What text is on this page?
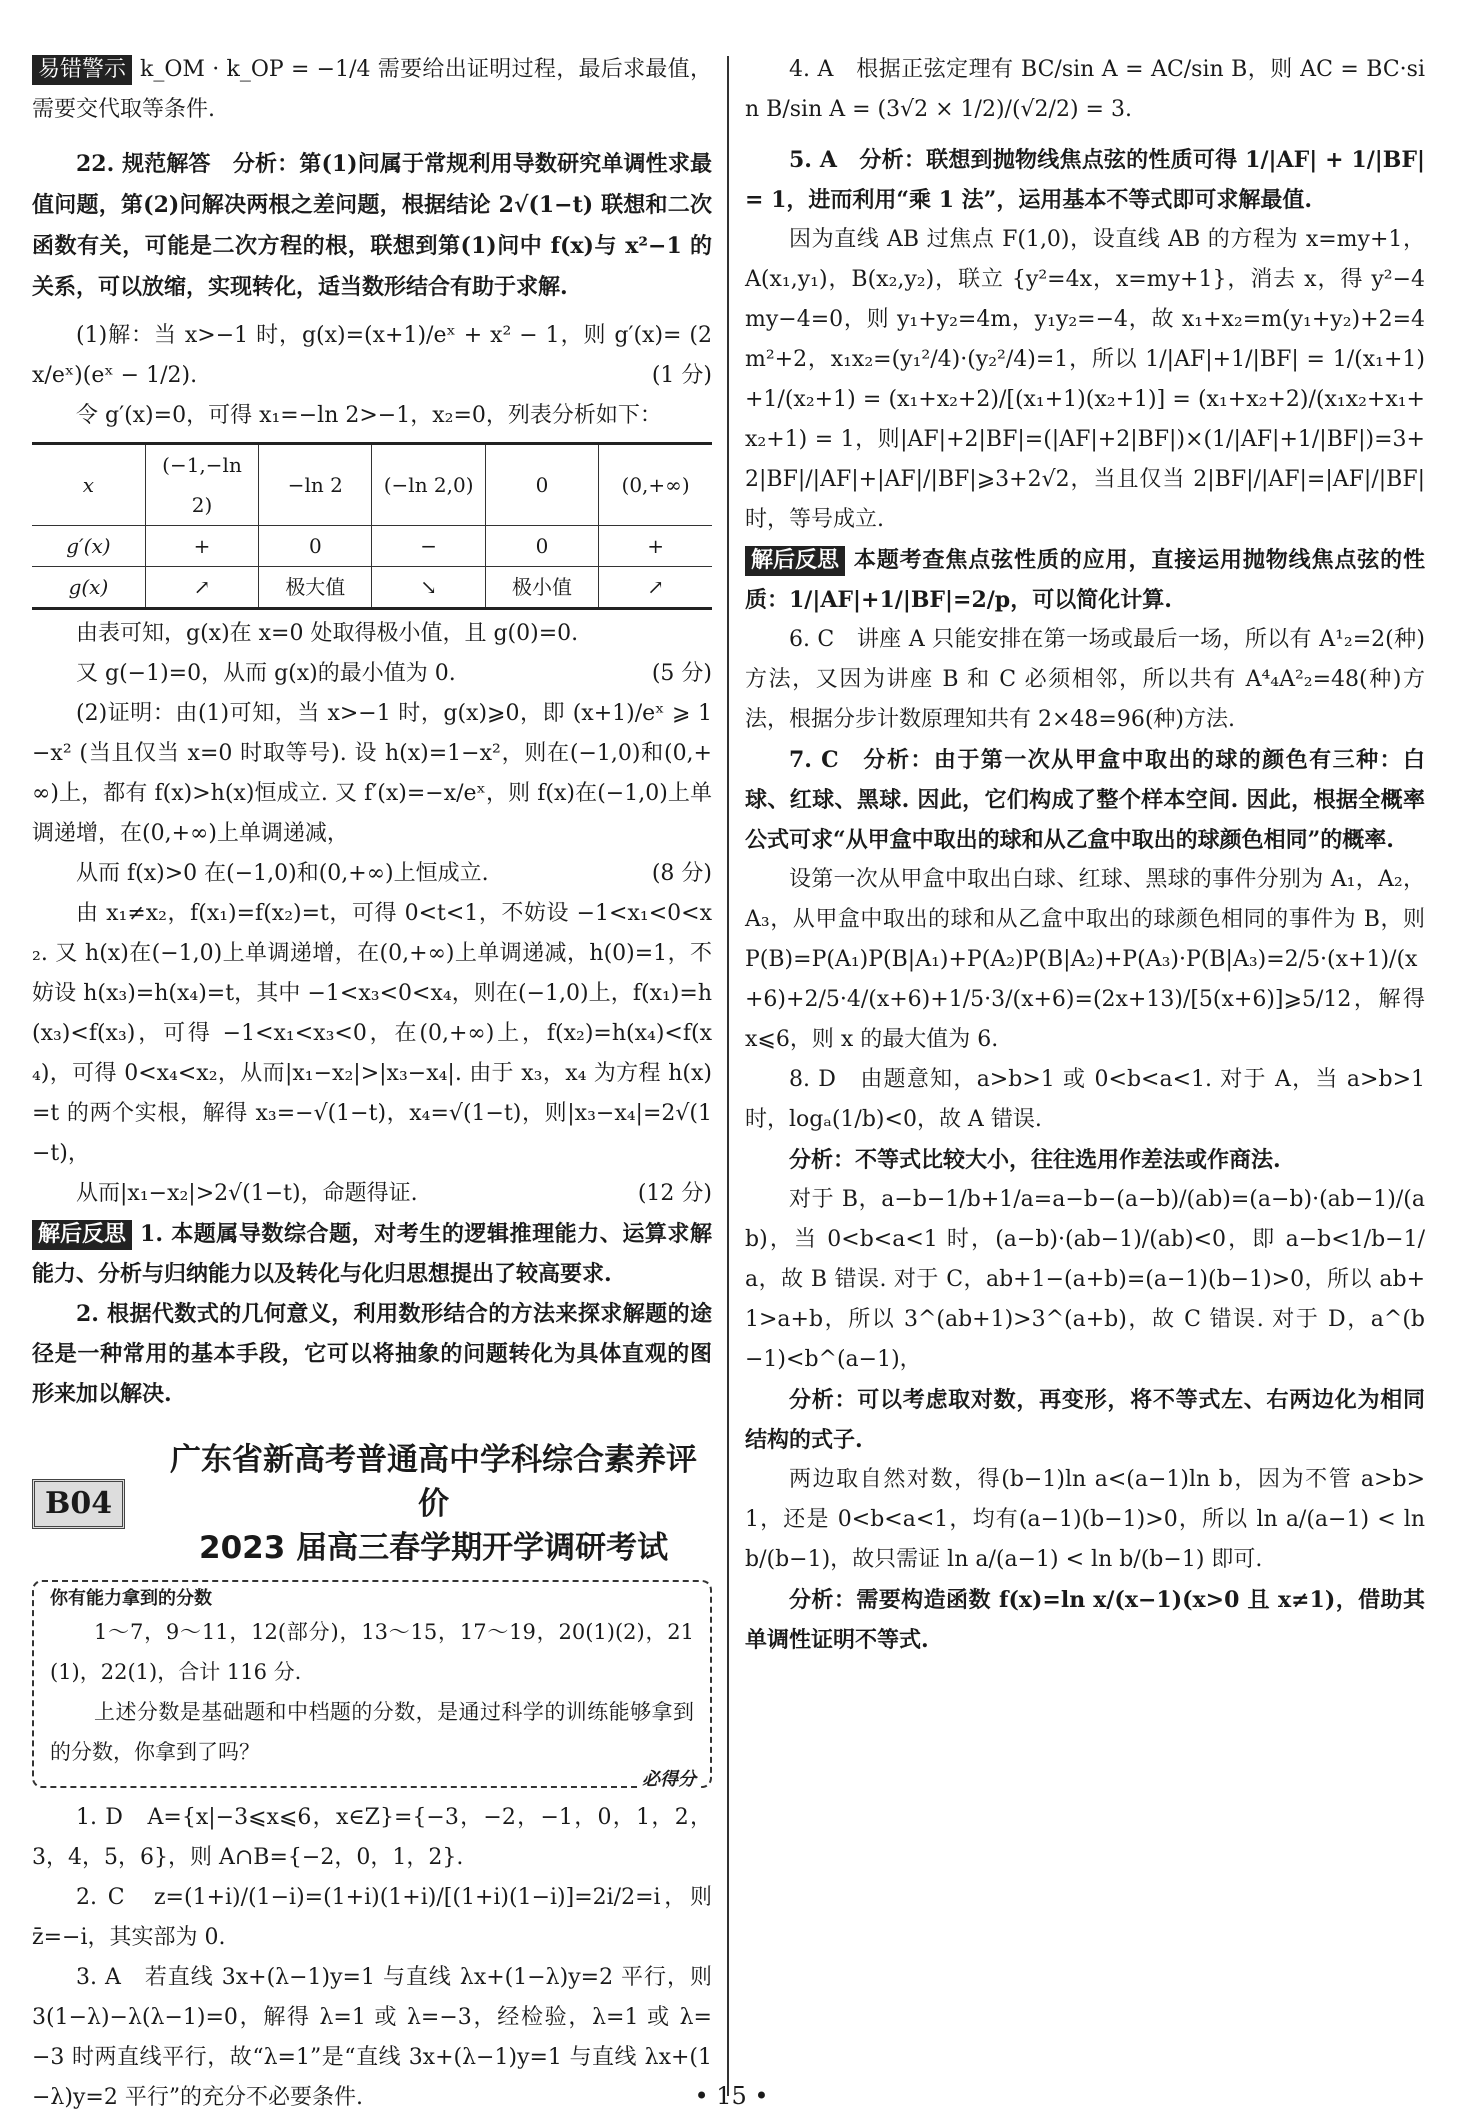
易错警示 k_OM · k_OP = −1/4 需要给出证明过程，最后求最值，需要交代取等条件.

22. 规范解答　 分析：第(1)问属于常规利用导数研究单调性求最值问题，第(2)问解决两根之差问题，根据结论 2√(1−t) 联想和二次函数有关，可能是二次方程的根，联想到第(1)问中 f(x)与 x²−1 的关系，可以放缩，实现转化，适当数形结合有助于求解.

(1)解：当 x>−1 时，g(x)=(x+1)/eˣ + x² − 1，则 g′(x)= (2x/eˣ)(eˣ − 1/2).	(1 分)

令 g′(x)=0，可得 x₁=−ln 2>−1，x₂=0，列表分析如下：

x	(−1,−ln 2)	−ln 2	(−ln 2,0)	0	(0,+∞)
g′(x)	+	0	−	0	+
g(x)	↗	极大值	↘	极小值	↗

由表可知，g(x)在 x=0 处取得极小值，且 g(0)=0.

又 g(−1)=0，从而 g(x)的最小值为 0.	(5 分)

(2)证明：由(1)可知，当 x>−1 时，g(x)⩾0，即 (x+1)/eˣ ⩾ 1−x² (当且仅当 x=0 时取等号). 设 h(x)=1−x²，则在(−1,0)和(0,+∞)上，都有 f(x)>h(x)恒成立. 又 f′(x)=−x/eˣ，则 f(x)在(−1,0)上单调递增，在(0,+∞)上单调递减，

从而 f(x)>0 在(−1,0)和(0,+∞)上恒成立.	(8 分)

由 x₁≠x₂，f(x₁)=f(x₂)=t，可得 0<t<1，不妨设 −1<x₁<0<x₂. 又 h(x)在(−1,0)上单调递增，在(0,+∞)上单调递减，h(0)=1，不妨设 h(x₃)=h(x₄)=t，其中 −1<x₃<0<x₄，则在(−1,0)上，f(x₁)=h(x₃)<f(x₃)，可得 −1<x₁<x₃<0，在(0,+∞)上，f(x₂)=h(x₄)<f(x₄)，可得 0<x₄<x₂，从而|x₁−x₂|>|x₃−x₄|. 由于 x₃，x₄ 为方程 h(x)=t 的两个实根，解得 x₃=−√(1−t)，x₄=√(1−t)，则|x₃−x₄|=2√(1−t)，

从而|x₁−x₂|>2√(1−t)，命题得证.	(12 分)

解后反思 1. 本题属导数综合题，对考生的逻辑推理能力、运算求解能力、分析与归纳能力以及转化与化归思想提出了较高要求.

2. 根据代数式的几何意义，利用数形结合的方法来探求解题的途径是一种常用的基本手段，它可以将抽象的问题转化为具体直观的图形来加以解决.

B04
广东省新高考普通高中学科综合素养评价
2023 届高三春学期开学调研考试
你有能力拿到的分数

1～7，9～11，12(部分)，13～15，17～19，20(1)(2)，21(1)，22(1)，合计 116 分.

上述分数是基础题和中档题的分数，是通过科学的训练能够拿到的分数，你拿到了吗？

必得分

1. D　A={x|−3⩽x⩽6，x∈Z}={−3，−2，−1，0，1，2，3，4，5，6}，则 A∩B={−2，0，1，2}.

2. C　z=(1+i)/(1−i)=(1+i)(1+i)/[(1+i)(1−i)]=2i/2=i，则 z̄=−i，其实部为 0.

3. A　若直线 3x+(λ−1)y=1 与直线 λx+(1−λ)y=2 平行，则 3(1−λ)−λ(λ−1)=0，解得 λ=1 或 λ=−3，经检验，λ=1 或 λ=−3 时两直线平行，故“λ=1”是“直线 3x+(λ−1)y=1 与直线 λx+(1−λ)y=2 平行”的充分不必要条件.

4. A　根据正弦定理有 BC/sin A = AC/sin B，则 AC = BC·sin B/sin A = (3√2 × 1/2)/(√2/2) = 3.

5. A　 分析：联想到抛物线焦点弦的性质可得 1/|AF| + 1/|BF| = 1，进而利用“乘 1 法”，运用基本不等式即可求解最值.

因为直线 AB 过焦点 F(1,0)，设直线 AB 的方程为 x=my+1，A(x₁,y₁)，B(x₂,y₂)，联立 {y²=4x，x=my+1}，消去 x，得 y²−4my−4=0，则 y₁+y₂=4m，y₁y₂=−4，故 x₁+x₂=m(y₁+y₂)+2=4m²+2，x₁x₂=(y₁²/4)·(y₂²/4)=1，所以 1/|AF|+1/|BF| = 1/(x₁+1)+1/(x₂+1) = (x₁+x₂+2)/[(x₁+1)(x₂+1)] = (x₁+x₂+2)/(x₁x₂+x₁+x₂+1) = 1，则|AF|+2|BF|=(|AF|+2|BF|)×(1/|AF|+1/|BF|)=3+2|BF|/|AF|+|AF|/|BF|⩾3+2√2，当且仅当 2|BF|/|AF|=|AF|/|BF| 时，等号成立.

解后反思 本题考查焦点弦性质的应用，直接运用抛物线焦点弦的性质：1/|AF|+1/|BF|=2/p，可以简化计算.

6. C　讲座 A 只能安排在第一场或最后一场，所以有 A¹₂=2(种)方法，又因为讲座 B 和 C 必须相邻，所以共有 A⁴₄A²₂=48(种)方法，根据分步计数原理知共有 2×48=96(种)方法.

7. C　 分析：由于第一次从甲盒中取出的球的颜色有三种：白球、红球、黑球. 因此，它们构成了整个样本空间. 因此，根据全概率公式可求“从甲盒中取出的球和从乙盒中取出的球颜色相同”的概率.

设第一次从甲盒中取出白球、红球、黑球的事件分别为 A₁，A₂，A₃，从甲盒中取出的球和从乙盒中取出的球颜色相同的事件为 B，则 P(B)=P(A₁)P(B|A₁)+P(A₂)P(B|A₂)+P(A₃)·P(B|A₃)=2/5·(x+1)/(x+6)+2/5·4/(x+6)+1/5·3/(x+6)=(2x+13)/[5(x+6)]⩾5/12，解得 x⩽6，则 x 的最大值为 6.

8. D　由题意知，a>b>1 或 0<b<a<1. 对于 A，当 a>b>1 时，logₐ(1/b)<0，故 A 错误.

分析：不等式比较大小，往往选用作差法或作商法.

对于 B，a−b−1/b+1/a=a−b−(a−b)/(ab)=(a−b)·(ab−1)/(ab)，当 0<b<a<1 时，(a−b)·(ab−1)/(ab)<0，即 a−b<1/b−1/a，故 B 错误. 对于 C，ab+1−(a+b)=(a−1)(b−1)>0，所以 ab+1>a+b，所以 3^(ab+1)>3^(a+b)，故 C 错误. 对于 D，a^(b−1)<b^(a−1)，

分析：可以考虑取对数，再变形，将不等式左、右两边化为相同结构的式子.

两边取自然对数，得(b−1)ln a<(a−1)ln b，因为不管 a>b>1，还是 0<b<a<1，均有(a−1)(b−1)>0，所以 ln a/(a−1) < ln b/(b−1)，故只需证 ln a/(a−1) < ln b/(b−1) 即可.

分析：需要构造函数 f(x)=ln x/(x−1)(x>0 且 x≠1)，借助其单调性证明不等式.

• 15 •
